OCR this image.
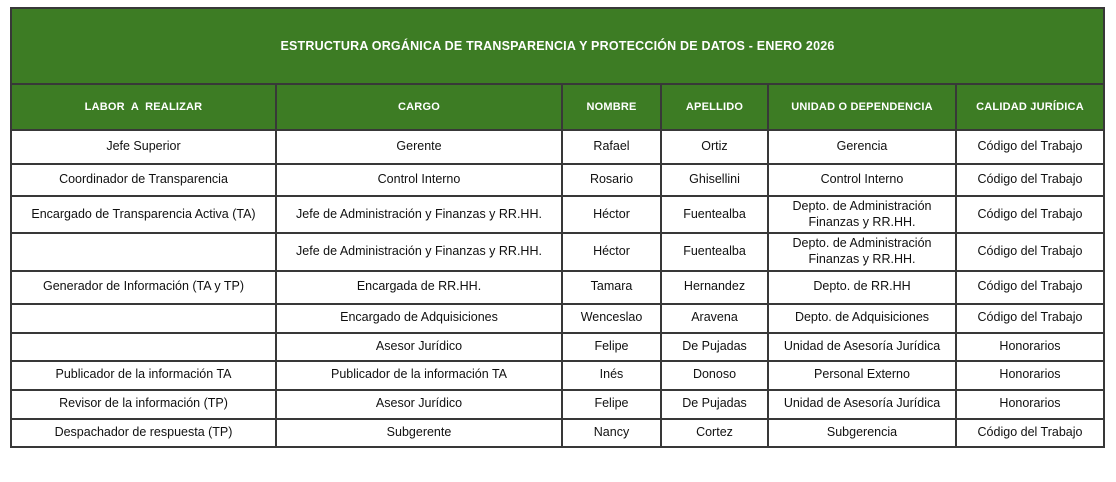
ESTRUCTURA ORGÁNICA DE TRANSPARENCIA Y PROTECCIÓN DE DATOS - ENERO 2026					
LABOR  A  REALIZAR	CARGO	NOMBRE	APELLIDO	UNIDAD O DEPENDENCIA	CALIDAD JURÍDICA
Jefe Superior	Gerente	Rafael	Ortiz	Gerencia	Código del Trabajo
Coordinador de Transparencia	Control Interno	Rosario	Ghisellini	Control Interno	Código del Trabajo
Encargado de Transparencia Activa (TA)	Jefe de Administración y Finanzas y RR.HH.	Héctor	Fuentealba	Depto. de Administración Finanzas y RR.HH.	Código del Trabajo
	Jefe de Administración y Finanzas y RR.HH.	Héctor	Fuentealba	Depto. de Administración Finanzas y RR.HH.	Código del Trabajo
Generador de Información (TA y TP)	Encargada de RR.HH.	Tamara	Hernandez	Depto. de RR.HH	Código del Trabajo
	Encargado de Adquisiciones	Wenceslao	Aravena	Depto. de Adquisiciones	Código del Trabajo
	Asesor Jurídico	Felipe	De Pujadas	Unidad de Asesoría Jurídica	Honorarios
Publicador de la información TA	Publicador de la información TA	Inés	Donoso	Personal Externo	Honorarios
Revisor de la información (TP)	Asesor Jurídico	Felipe	De Pujadas	Unidad de Asesoría Jurídica	Honorarios
Despachador de respuesta (TP)	Subgerente	Nancy	Cortez	Subgerencia	Código del Trabajo
